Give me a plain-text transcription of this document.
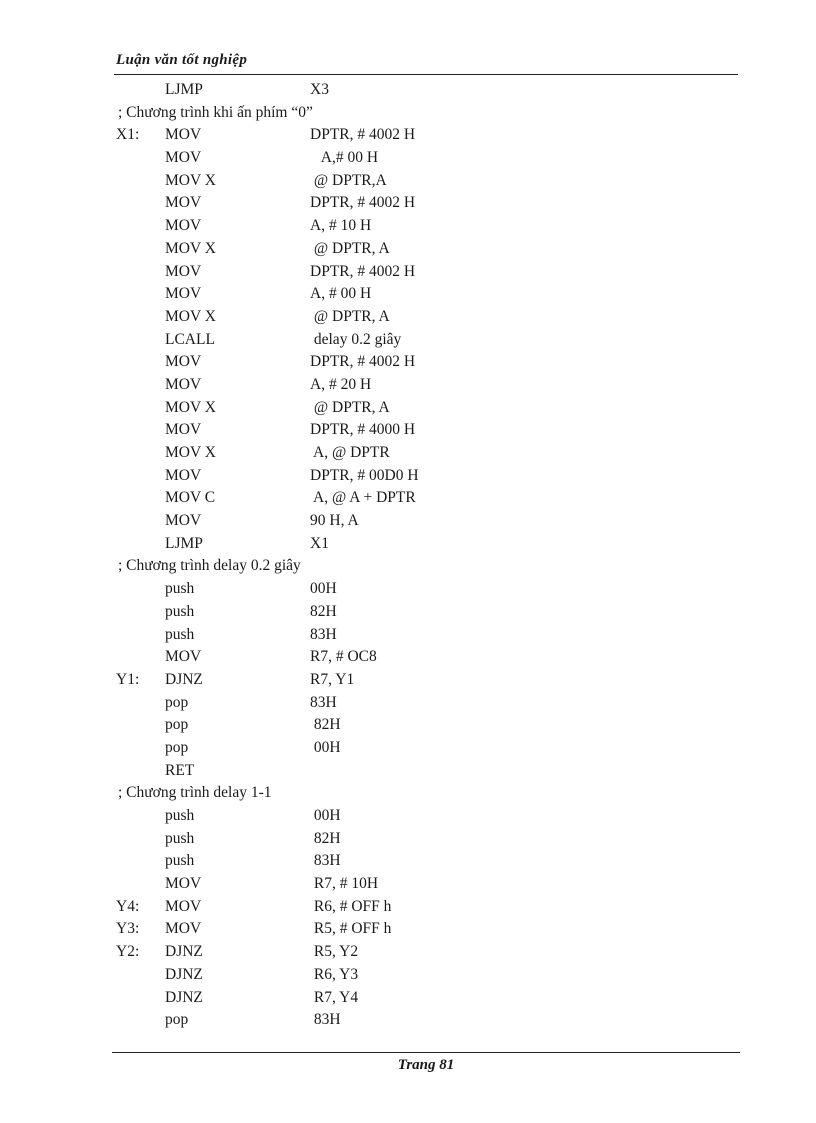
Luận văn tốt nghiệp
LJMP	X3
; Chương trình khi ấn phím “0”
X1: MOV	DPTR, # 4002 H
MOV	A,# 00 H
MOV X	@ DPTR,A
MOV	DPTR, # 4002 H
MOV	A, # 10 H
MOV X	@ DPTR, A
MOV	DPTR, # 4002 H
MOV	A, # 00 H
MOV X	@ DPTR, A
LCALL	delay 0.2 giây
MOV	DPTR, # 4002 H
MOV	A, # 20 H
MOV X	@ DPTR, A
MOV	DPTR, # 4000 H
MOV X	A, @ DPTR
MOV	DPTR, # 00D0 H
MOV C	A, @ A + DPTR
MOV	90 H, A
LJMP	X1
; Chương trình delay 0.2 giây
push	00H
push	82H
push	83H
MOV	R7, # OC8
Y1: DJNZ	R7, Y1
pop	83H
pop	82H
pop	00H
RET
; Chương trình delay 1-1
push	00H
push	82H
push	83H
MOV	R7, # 10H
Y4: MOV	R6, # OFF h
Y3: MOV	R5, # OFF h
Y2: DJNZ	R5, Y2
DJNZ	R6, Y3
DJNZ	R7, Y4
pop	83H
Trang 81
